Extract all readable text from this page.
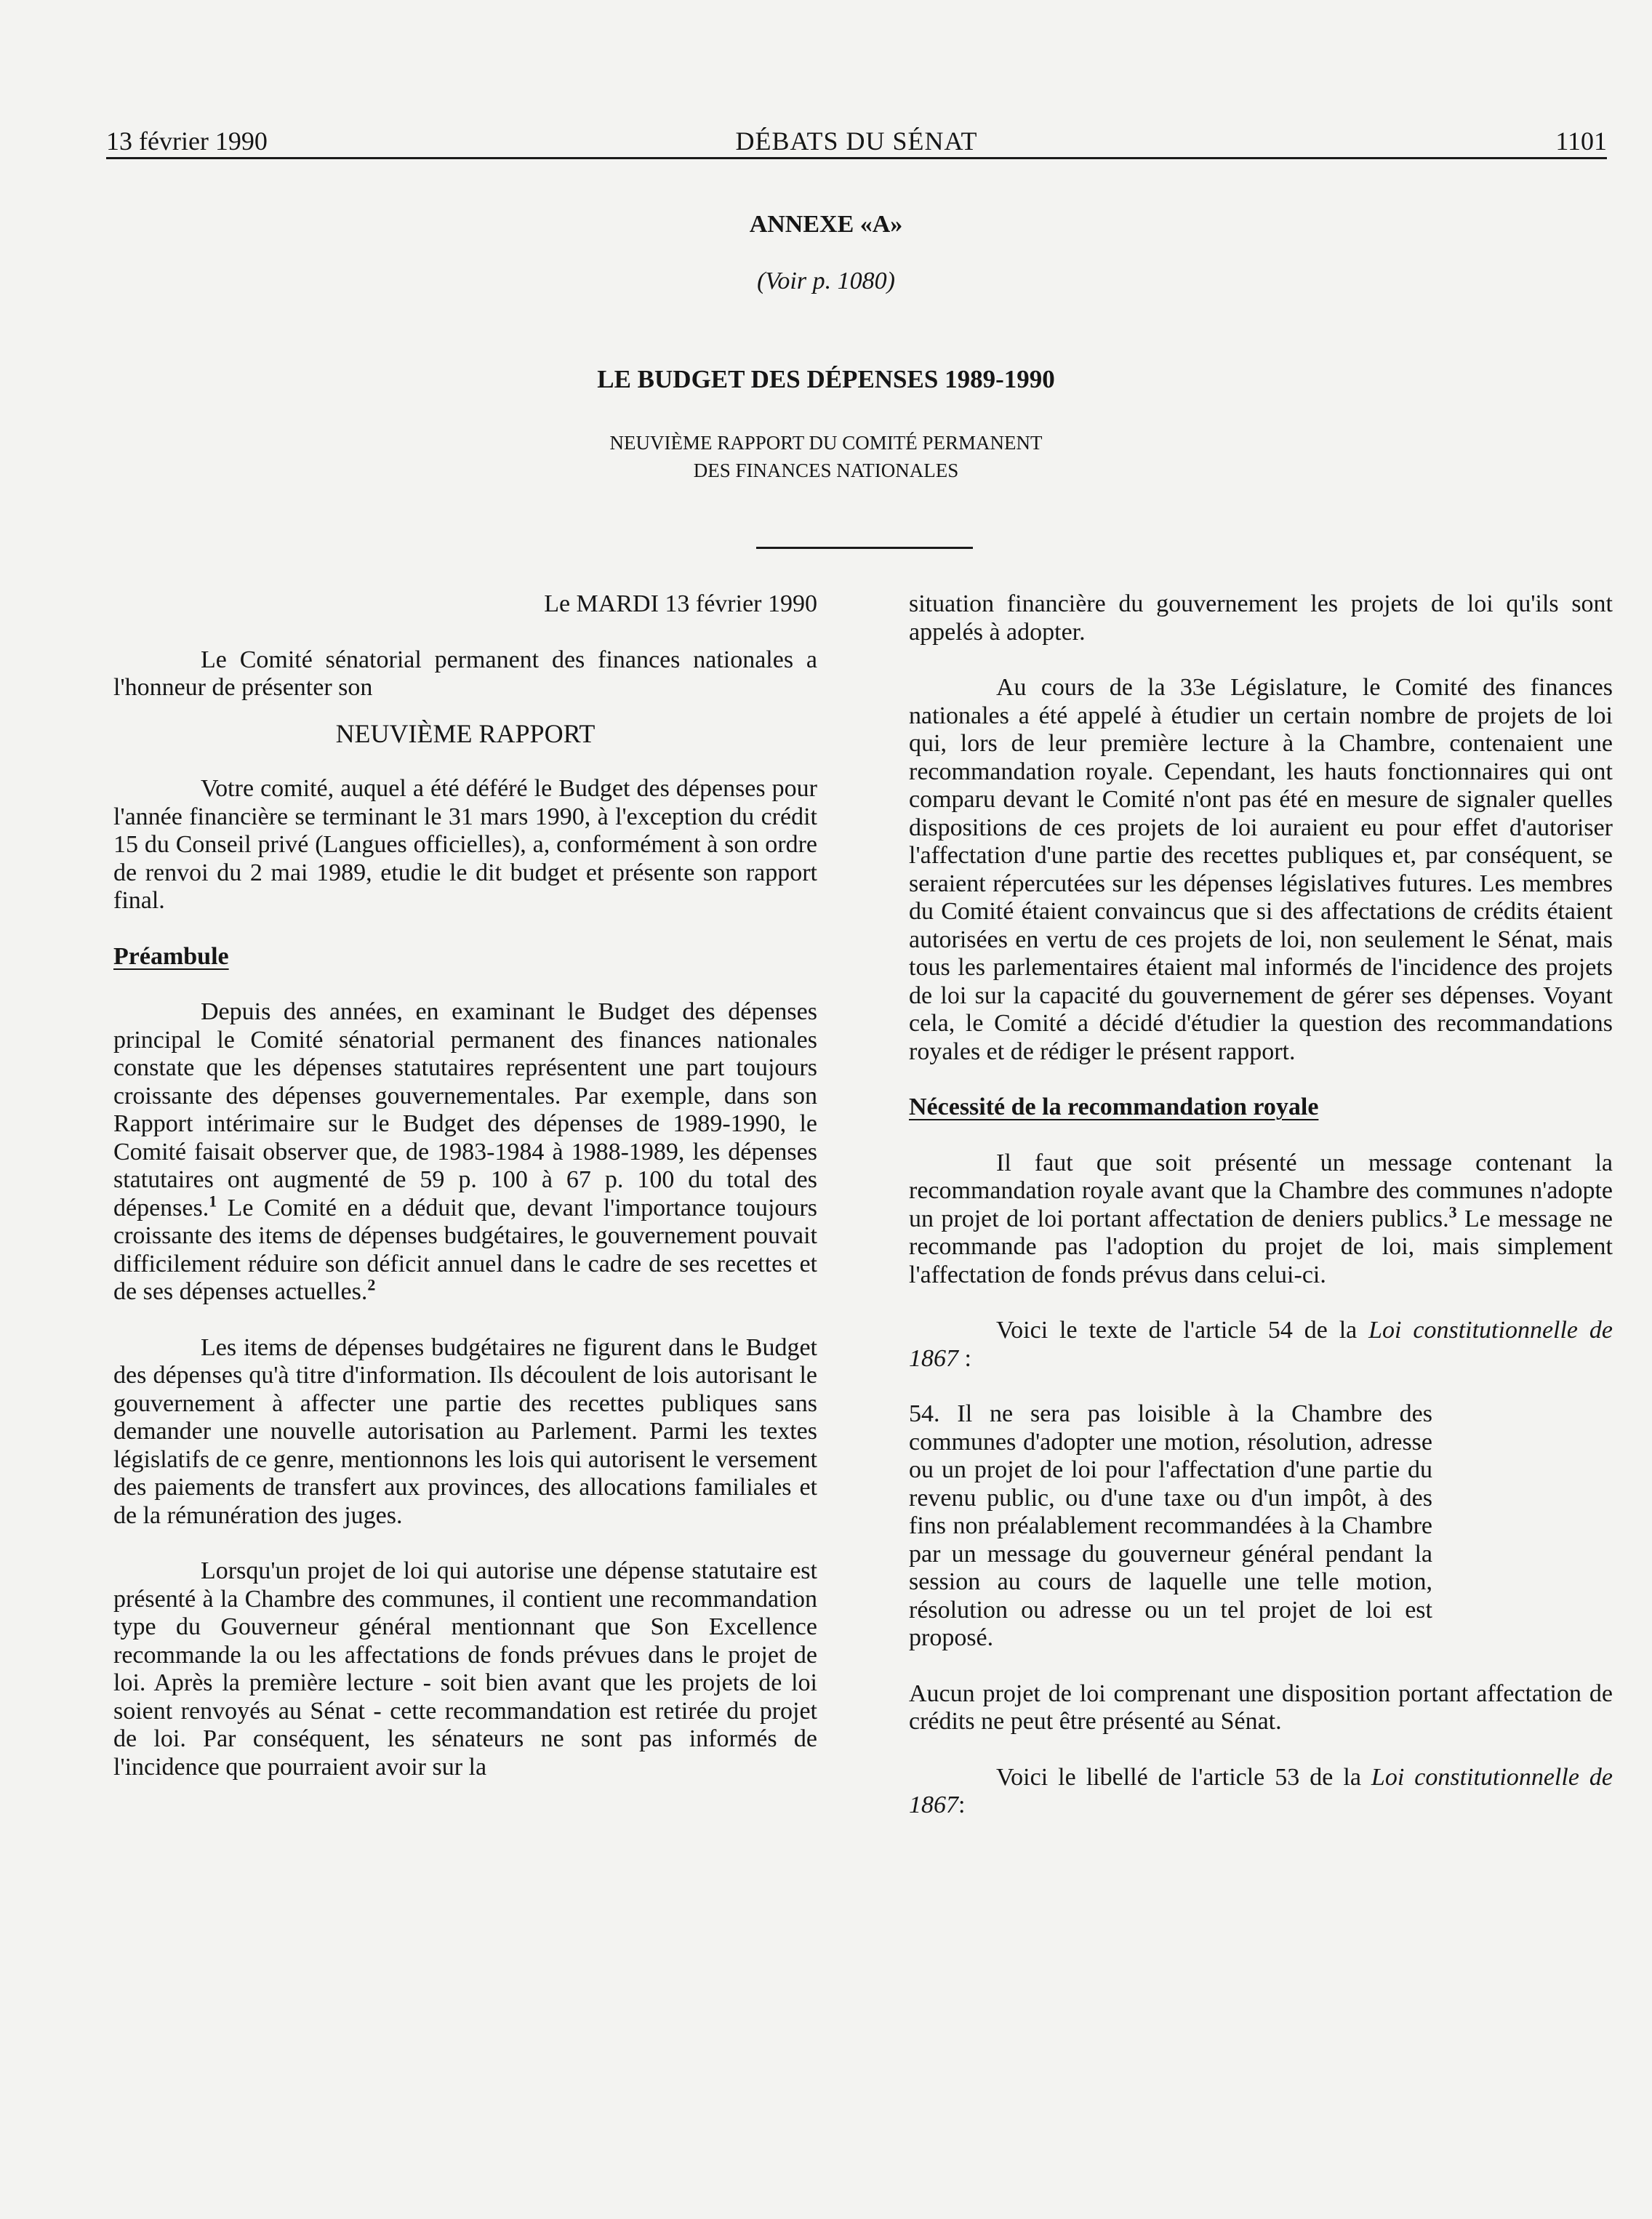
13 février 1990	DÉBATS DU SÉNAT	1101
ANNEXE «A»
(Voir p. 1080)
LE BUDGET DES DÉPENSES 1989-1990
NEUVIÈME RAPPORT DU COMITÉ PERMANENT
DES FINANCES NATIONALES

Le MARDI 13 février 1990

Le Comité sénatorial permanent des finances nationales a l'honneur de présenter son

NEUVIÈME RAPPORT

Votre comité, auquel a été déféré le Budget des dépenses pour l'année financière se terminant le 31 mars 1990, à l'exception du crédit 15 du Conseil privé (Langues officielles), a, conformément à son ordre de renvoi du 2 mai 1989, etudie le dit budget et présente son rapport final.

Préambule

Depuis des années, en examinant le Budget des dépenses principal le Comité sénatorial permanent des finances nationales constate que les dépenses statutaires représentent une part toujours croissante des dépenses gouvernementales. Par exemple, dans son Rapport intérimaire sur le Budget des dépenses de 1989-1990, le Comité faisait observer que, de 1983-1984 à 1988-1989, les dépenses statutaires ont augmenté de 59 p. 100 à 67 p. 100 du total des dépenses.$^1$ Le Comité en a déduit que, devant l'importance toujours croissante des items de dépenses budgétaires, le gouvernement pouvait difficilement réduire son déficit annuel dans le cadre de ses recettes et de ses dépenses actuelles.$^2$

Les items de dépenses budgétaires ne figurent dans le Budget des dépenses qu'à titre d'information. Ils découlent de lois autorisant le gouvernement à affecter une partie des recettes publiques sans demander une nouvelle autorisation au Parlement. Parmi les textes législatifs de ce genre, mentionnons les lois qui autorisent le versement des paiements de transfert aux provinces, des allocations familiales et de la rémunération des juges.

Lorsqu'un projet de loi qui autorise une dépense statutaire est présenté à la Chambre des communes, il contient une recommandation type du Gouverneur général mentionnant que Son Excellence recommande la ou les affectations de fonds prévues dans le projet de loi. Après la première lecture - soit bien avant que les projets de loi soient renvoyés au Sénat - cette recommandation est retirée du projet de loi. Par conséquent, les sénateurs ne sont pas informés de l'incidence que pourraient avoir sur la

situation financière du gouvernement les projets de loi qu'ils sont appelés à adopter.

Au cours de la 33e Législature, le Comité des finances nationales a été appelé à étudier un certain nombre de projets de loi qui, lors de leur première lecture à la Chambre, contenaient une recommandation royale. Cependant, les hauts fonctionnaires qui ont comparu devant le Comité n'ont pas été en mesure de signaler quelles dispositions de ces projets de loi auraient eu pour effet d'autoriser l'affectation d'une partie des recettes publiques et, par conséquent, se seraient répercutées sur les dépenses législatives futures. Les membres du Comité étaient convaincus que si des affectations de crédits étaient autorisées en vertu de ces projets de loi, non seulement le Sénat, mais tous les parlementaires étaient mal informés de l'incidence des projets de loi sur la capacité du gouvernement de gérer ses dépenses. Voyant cela, le Comité a décidé d'étudier la question des recommandations royales et de rédiger le présent rapport.

Nécessité de la recommandation royale

Il faut que soit présenté un message contenant la recommandation royale avant que la Chambre des communes n'adopte un projet de loi portant affectation de deniers publics.$^3$ Le message ne recommande pas l'adoption du projet de loi, mais simplement l'affectation de fonds prévus dans celui-ci.

Voici le texte de l'article 54 de la Loi constitutionnelle de 1867 :

54. Il ne sera pas loisible à la Chambre des communes d'adopter une motion, résolution, adresse ou un projet de loi pour l'affectation d'une partie du revenu public, ou d'une taxe ou d'un impôt, à des fins non préalablement recommandées à la Chambre par un message du gouverneur général pendant la session au cours de laquelle une telle motion, résolution ou adresse ou un tel projet de loi est proposé.

Aucun projet de loi comprenant une disposition portant affectation de crédits ne peut être présenté au Sénat.

Voici le libellé de l'article 53 de la Loi constitutionnelle de 1867:
